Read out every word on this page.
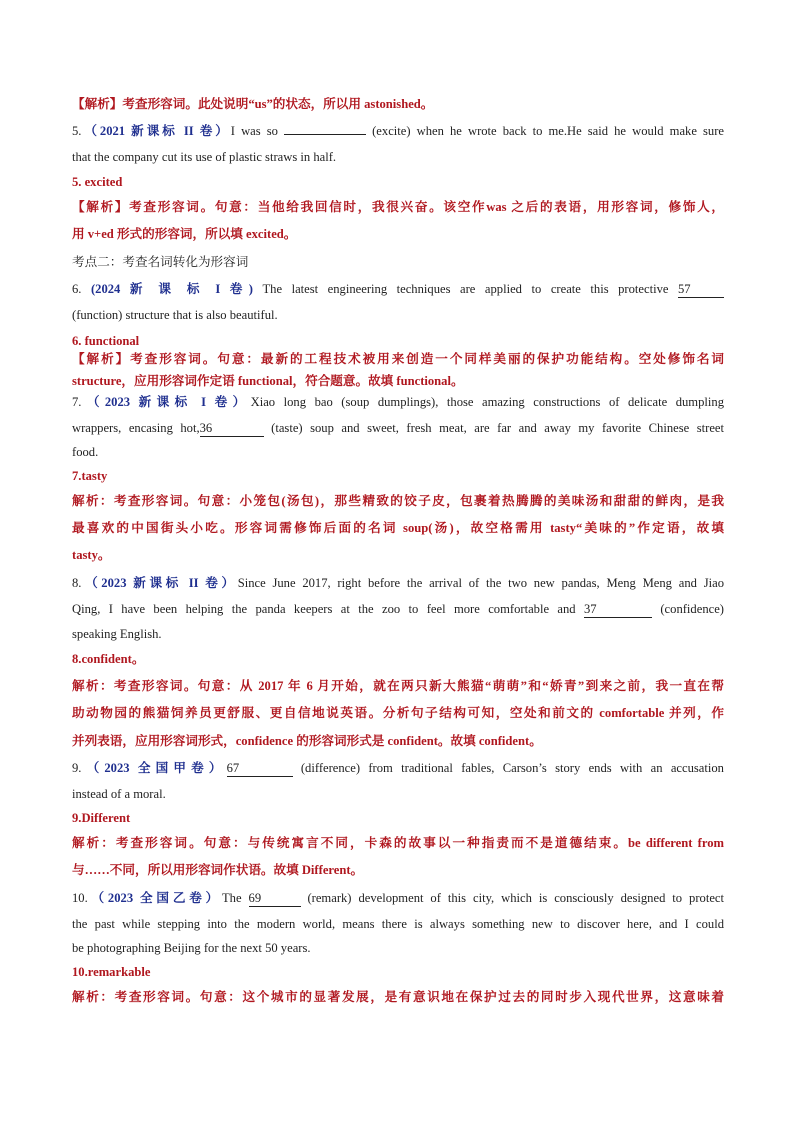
【解析】考查形容词。此处说明“us”的状态，所以用 astonished。
5.（2021 新课标 II 卷）I was so	(excite) when he wrote back to me.He said he would make sure
that the company cut its use of plastic straws in half.
5. excited
【解析】考查形容词。句意：当他给我回信时，我很兴奋。该空作was 之后的表语，用形容词，修饰人，
用 v+ed 形式的形容词，所以填 excited。
考点二：考查名词转化为形容词
6. (2024 新 课 标 I 卷) The latest engineering techniques are applied to create this protective 57
(function) structure that is also beautiful.
6. functional
【解析】考查形容词。句意：最新的工程技术被用来创造一个同样美丽的保护功能结构。空处修饰名词
structure，应用形容词作定语 functional，符合题意。故填 functional。
7.（2023 新课标 I 卷）Xiao long bao (soup dumplings), those amazing constructions of delicate dumpling
wrappers, encasing hot,36	(taste) soup and sweet, fresh meat, are far and away my favorite Chinese street
food.
7.tasty
解析：考查形容词。句意：小笼包(汤包)，那些精致的饺子皮，包裹着热腾腾的美味汤和甜甜的鲜肉，是我
最喜欢的中国街头小吃。形容词需修饰后面的名词 soup(汤)，故空格需用 tasty“美味的”作定语，故填
tasty。
8.（2023 新课标 II 卷）Since June 2017, right before the arrival of the two new pandas, Meng Meng and Jiao
Qing, I have been helping the panda keepers at the zoo to feel more comfortable and 37	(confidence)
speaking English.
8.confident。
解析：考查形容词。句意：从 2017 年 6 月开始，就在两只新大熊猫“萌萌”和“娇青”到来之前，我一直在帮
助动物园的熊猫饲养员更舒服、更自信地说英语。分析句子结构可知，空处和前文的 comfortable 并列，作
并列表语，应用形容词形式，confidence 的形容词形式是 confident。故填 confident。
9.（2023 全国甲卷）67	(difference) from traditional fables, Carson’s story ends with an accusation
instead of a moral.
9.Different
解析：考查形容词。句意：与传统寓言不同，卡森的故事以一种指责而不是道德结束。be different from
与……不同，所以用形容词作状语。故填 Different。
10.（2023 全国乙卷）The 69	(remark) development of this city, which is consciously designed to protect
the past while stepping into the modern world, means there is always something new to discover here, and I could
be photographing Beijing for the next 50 years.
10.remarkable
解析：考查形容词。句意：这个城市的显著发展，是有意识地在保护过去的同时步入现代世界，这意味着
